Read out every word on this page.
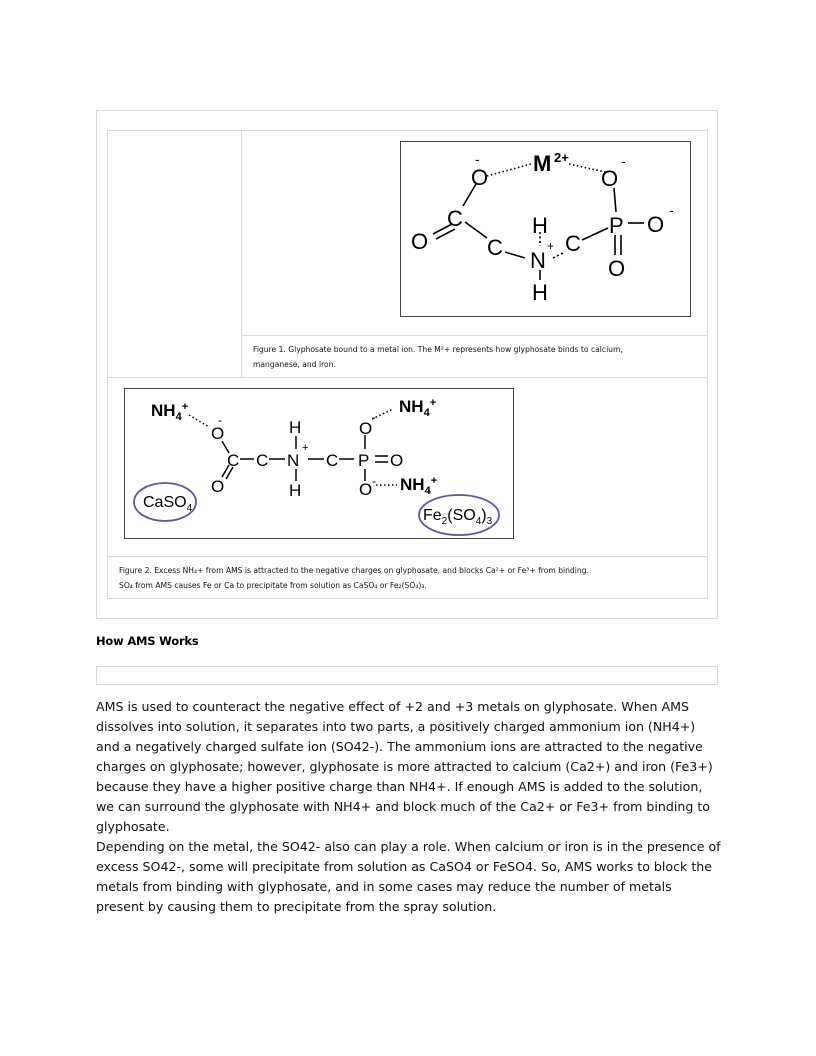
O
- M 2+
O
-
O
C
C
H
N
+
H
C
P O
-
O
Figure 1. Glyphosate bound to a metal ion. The M²+ represents how glyphosate binds to calcium,
manganese, and iron.
$NH_4^+$
O
-
$NH_4^+$
O
-
H
C C N
+
C P O
O	H	O - $NH_4^+$
CaSO$_4$	$Fe_2(SO_4)_3$
Figure 2. Excess NH₄+ from AMS is attracted to the negative charges on glyphosate, and blocks Ca²+ or Fe³+ from binding.
SO₄ from AMS causes Fe or Ca to precipitate from solution as CaSO₄ or Fe₂(SO₄)₃.
How AMS Works

AMS is used to counteract the negative effect of +2 and +3 metals on glyphosate. When AMS dissolves into solution, it separates into two parts, a positively charged ammonium ion (NH4+) and a negatively charged sulfate ion (SO42-). The ammonium ions are attracted to the negative charges on glyphosate; however, glyphosate is more attracted to calcium (Ca2+) and iron (Fe3+) because they have a higher positive charge than NH4+. If enough AMS is added to the solution, we can surround the glyphosate with NH4+ and block much of the Ca2+ or Fe3+ from binding to glyphosate.

Depending on the metal, the SO42- also can play a role. When calcium or iron is in the presence of excess SO42-, some will precipitate from solution as CaSO4 or FeSO4. So, AMS works to block the metals from binding with glyphosate, and in some cases may reduce the number of metals present by causing them to precipitate from the spray solution.
